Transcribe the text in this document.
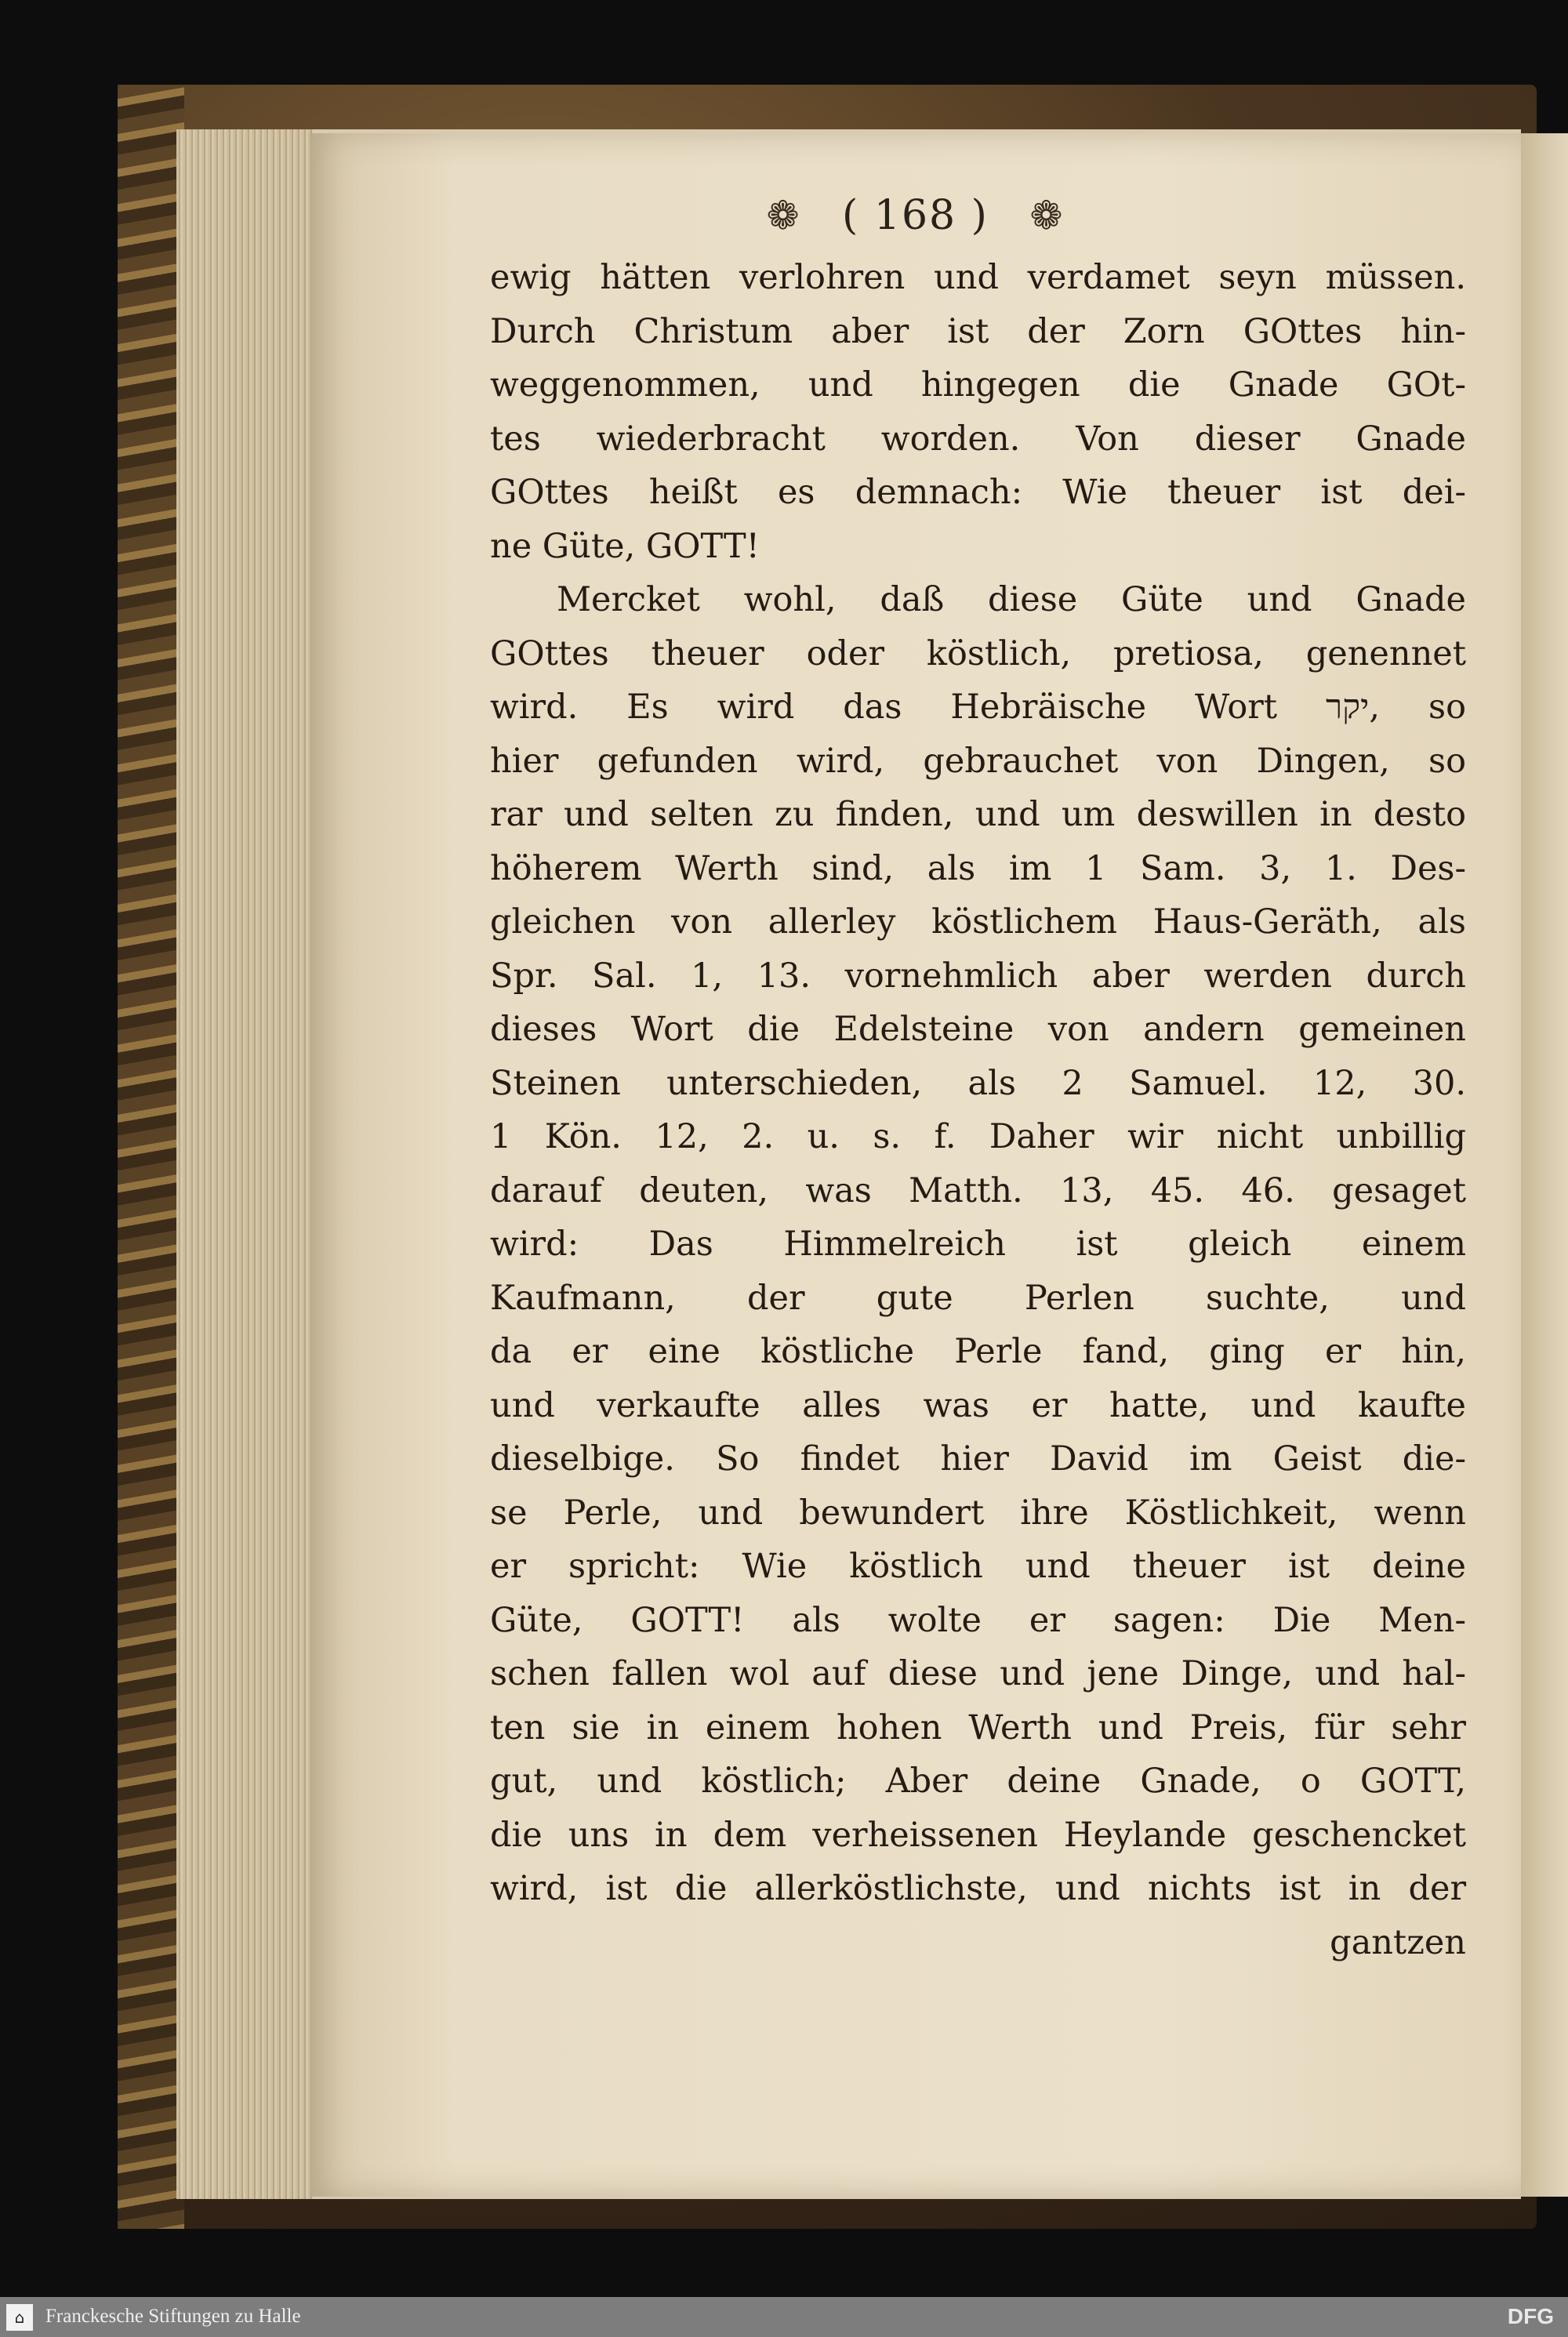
❁ ( 168 ) ❁
ewig hätten verlohren und verdamet seyn müssen.
Durch Christum aber ist der Zorn GOttes hin-
weggenommen, und hingegen die Gnade GOt-
tes wiederbracht worden. Von dieser Gnade
GOttes heißt es demnach: Wie theuer ist dei-
ne Güte, GOTT!
Mercket wohl, daß diese Güte und Gnade
GOttes theuer oder köstlich, pretiosa, genennet
wird. Es wird das Hebräische Wort יקר, so
hier gefunden wird, gebrauchet von Dingen, so
rar und selten zu finden, und um deswillen in desto
höherem Werth sind, als im 1 Sam. 3, 1. Des-
gleichen von allerley köstlichem Haus-Geräth, als
Spr. Sal. 1, 13. vornehmlich aber werden durch
dieses Wort die Edelsteine von andern gemeinen
Steinen unterschieden, als 2 Samuel. 12, 30.
1 Kön. 12, 2. u. s. f. Daher wir nicht unbillig
darauf deuten, was Matth. 13, 45. 46. gesaget
wird: Das Himmelreich ist gleich einem
Kaufmann, der gute Perlen suchte, und
da er eine köstliche Perle fand, ging er hin,
und verkaufte alles was er hatte, und kaufte
dieselbige. So findet hier David im Geist die-
se Perle, und bewundert ihre Köstlichkeit, wenn
er spricht: Wie köstlich und theuer ist deine
Güte, GOTT! als wolte er sagen: Die Men-
schen fallen wol auf diese und jene Dinge, und hal-
ten sie in einem hohen Werth und Preis, für sehr
gut, und köstlich; Aber deine Gnade, o GOTT,
die uns in dem verheissenen Heylande geschencket
wird, ist die allerköstlichste, und nichts ist in der
gantzen
⌂	Franckesche Stiftungen zu Halle	DFG
